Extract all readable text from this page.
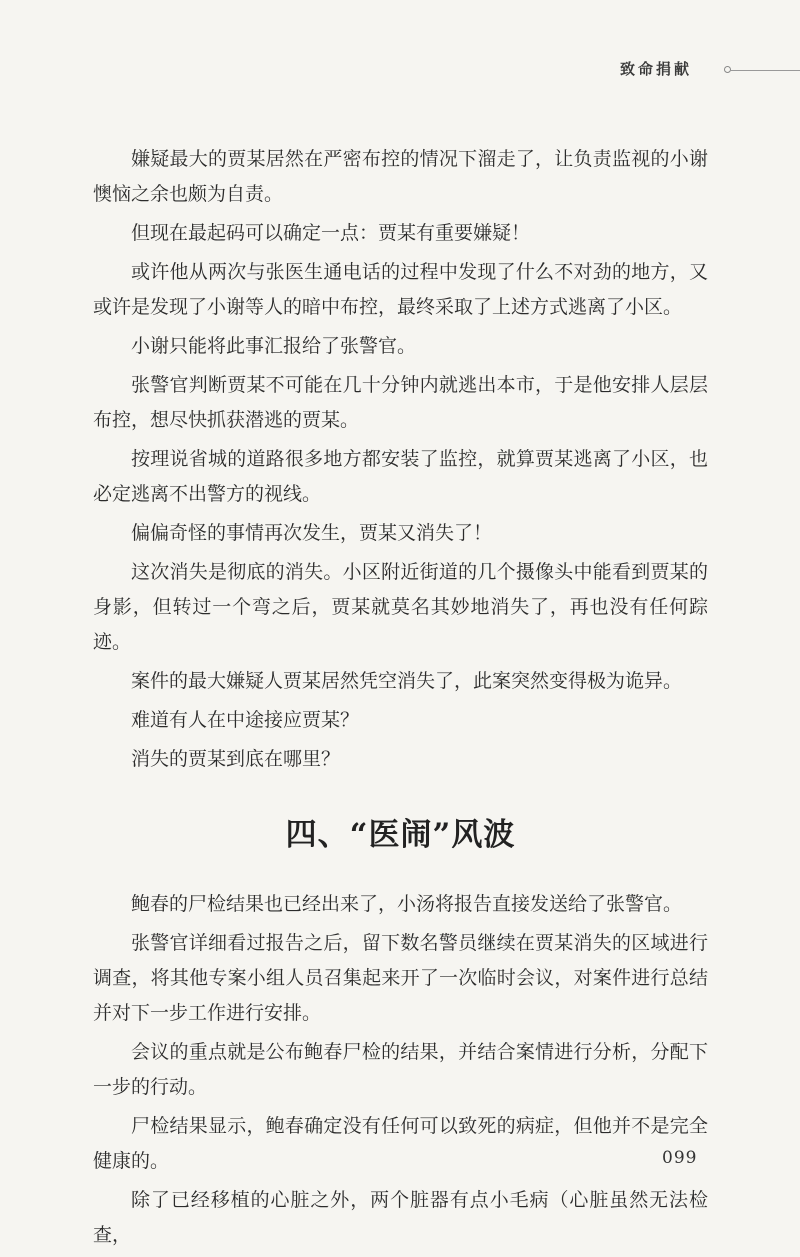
致命捐献

嫌疑最大的贾某居然在严密布控的情况下溜走了，让负责监视的小谢懊恼之余也颇为自责。

但现在最起码可以确定一点：贾某有重要嫌疑！

或许他从两次与张医生通电话的过程中发现了什么不对劲的地方，又或许是发现了小谢等人的暗中布控，最终采取了上述方式逃离了小区。

小谢只能将此事汇报给了张警官。

张警官判断贾某不可能在几十分钟内就逃出本市，于是他安排人层层布控，想尽快抓获潜逃的贾某。

按理说省城的道路很多地方都安装了监控，就算贾某逃离了小区，也必定逃离不出警方的视线。

偏偏奇怪的事情再次发生，贾某又消失了！

这次消失是彻底的消失。小区附近街道的几个摄像头中能看到贾某的身影，但转过一个弯之后，贾某就莫名其妙地消失了，再也没有任何踪迹。

案件的最大嫌疑人贾某居然凭空消失了，此案突然变得极为诡异。

难道有人在中途接应贾某？

消失的贾某到底在哪里？

四、“医闹”风波

鲍春的尸检结果也已经出来了，小汤将报告直接发送给了张警官。

张警官详细看过报告之后，留下数名警员继续在贾某消失的区域进行调查，将其他专案小组人员召集起来开了一次临时会议，对案件进行总结并对下一步工作进行安排。

会议的重点就是公布鲍春尸检的结果，并结合案情进行分析，分配下一步的行动。

尸检结果显示，鲍春确定没有任何可以致死的病症，但他并不是完全健康的。

除了已经移植的心脏之外，两个脏器有点小毛病（心脏虽然无法检查，

099
